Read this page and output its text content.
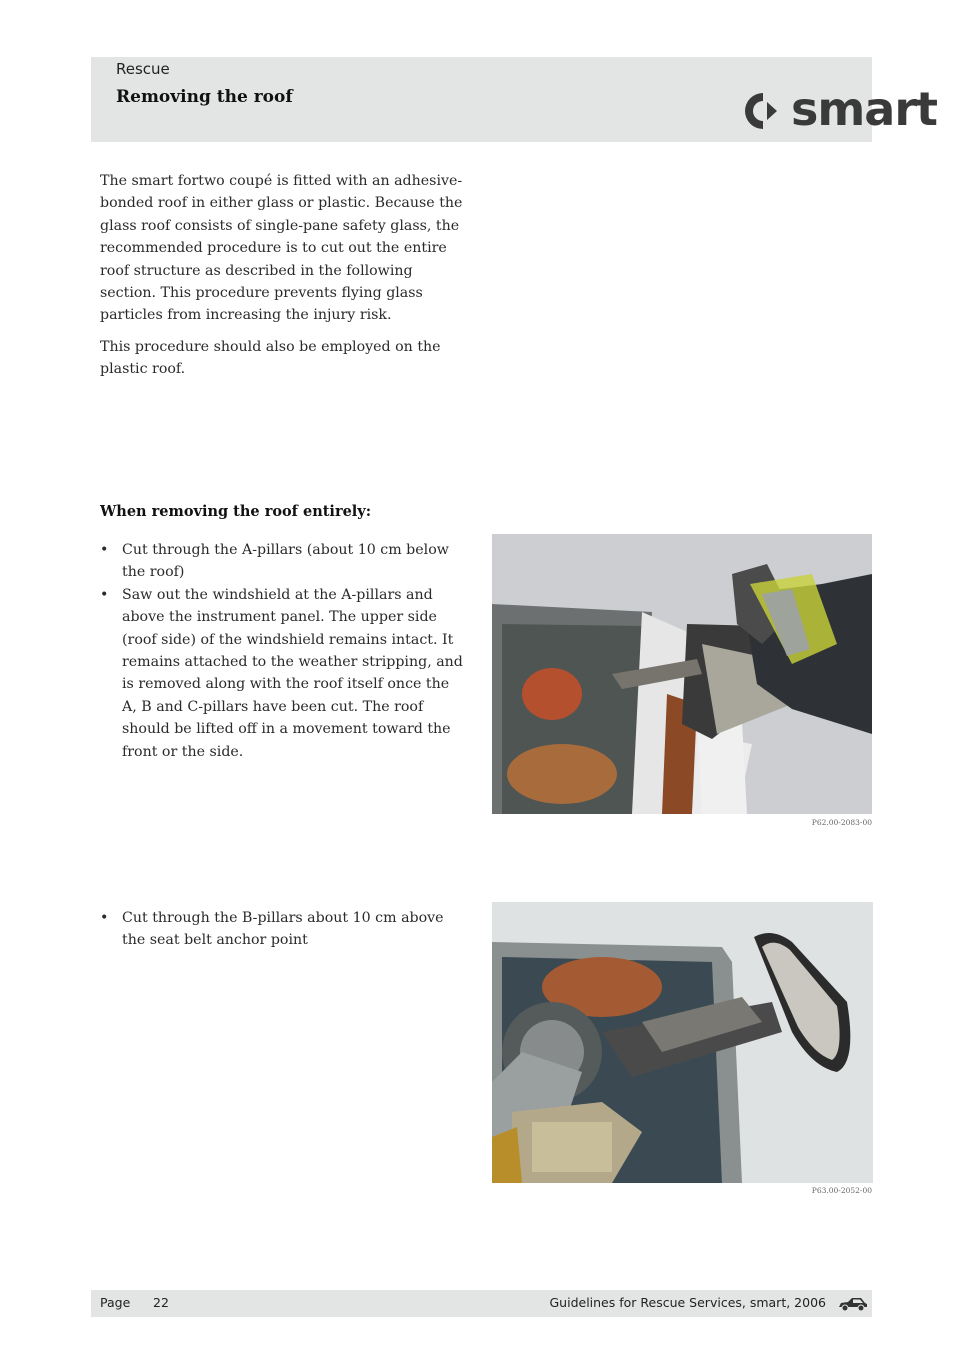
Rescue
Removing the roof	smart
The smart fortwo coupé is fitted with an adhesive-bonded roof in either glass or plastic. Because the glass roof consists of single-pane safety glass, the recommended procedure is to cut out the entire roof structure as described in the following section. This procedure prevents flying glass particles from increasing the injury risk.
This procedure should also be employed on the plastic roof.
When removing the roof entirely:
• Cut through the A-pillars (about 10 cm below the roof)
• Saw out the windshield at the A-pillars and above the instrument panel. The upper side (roof side) of the windshield remains intact. It remains attached to the weather stripping, and is removed along with the roof itself once the A, B and C-pillars have been cut. The roof should be lifted off in a movement toward the front or the side.
P62.00-2083-00
• Cut through the B-pillars about 10 cm above the seat belt anchor point
P63.00-2052-00
Page 22	Guidelines for Rescue Services, smart, 2006
